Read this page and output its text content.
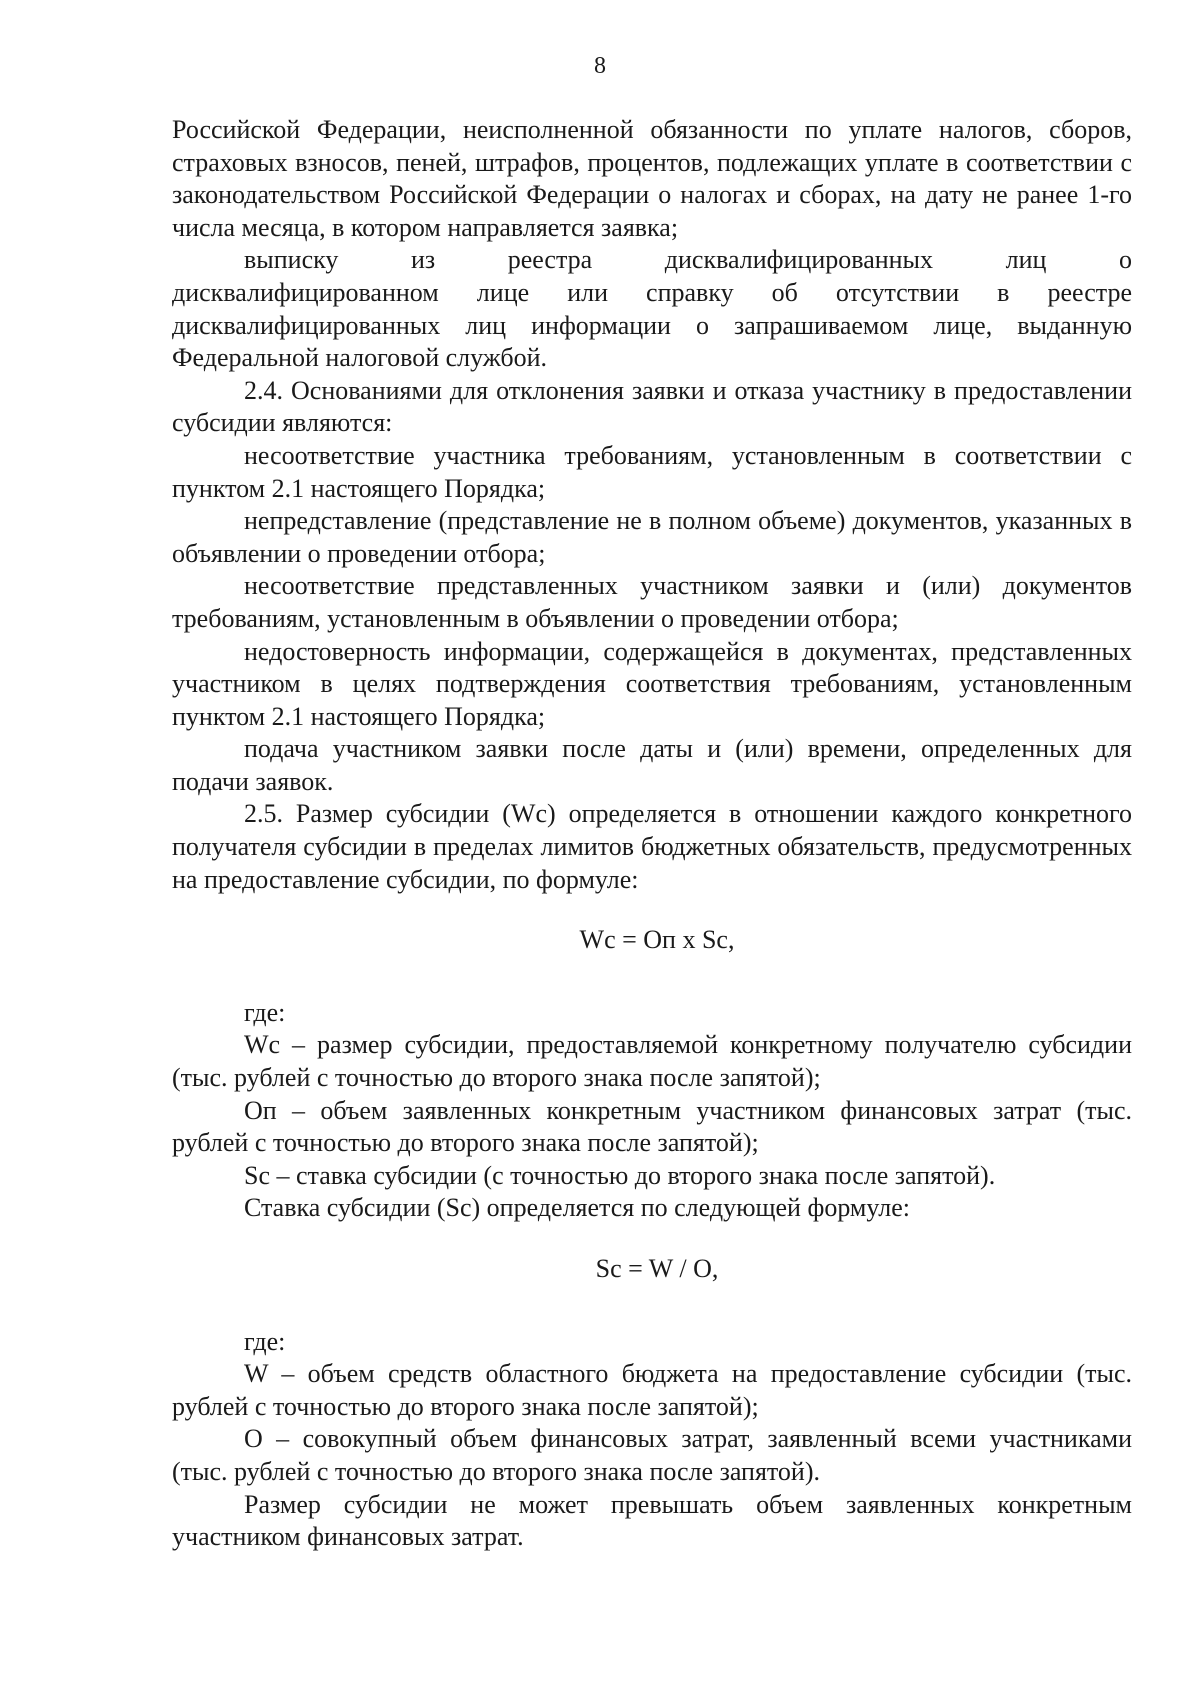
8

Российской Федерации, неисполненной обязанности по уплате налогов, сборов, страховых взносов, пеней, штрафов, процентов, подлежащих уплате в соответствии с законодательством Российской Федерации о налогах и сборах, на дату не ранее 1-го числа месяца, в котором направляется заявка;

выписку	из	реестра	дисквалифицированных	лиц	о

дисквалифицированном лице или справку об отсутствии в реестре дисквалифицированных лиц информации о запрашиваемом лице, выданную Федеральной налоговой службой.

2.4. Основаниями для отклонения заявки и отказа участнику в предоставлении субсидии являются:

несоответствие участника требованиям, установленным в соответствии с пунктом 2.1 настоящего Порядка;

непредставление (представление не в полном объеме) документов, указанных в объявлении о проведении отбора;

несоответствие представленных участником заявки и (или) документов требованиям, установленным в объявлении о проведении отбора;

недостоверность информации, содержащейся в документах, представленных участником в целях подтверждения соответствия требованиям, установленным пунктом 2.1 настоящего Порядка;

подача участником заявки после даты и (или) времени, определенных для подачи заявок.

2.5. Размер субсидии (Wc) определяется в отношении каждого конкретного получателя субсидии в пределах лимитов бюджетных обязательств, предусмотренных на предоставление субсидии, по формуле:

Wc = Оп x Sc,

где:

Wc – размер субсидии, предоставляемой конкретному получателю субсидии (тыс. рублей с точностью до второго знака после запятой);

Оп – объем заявленных конкретным участником финансовых затрат (тыс. рублей с точностью до второго знака после запятой);

Sc – ставка субсидии (с точностью до второго знака после запятой).

Ставка субсидии (Sc) определяется по следующей формуле:

Sc = W / O,

где:

W – объем средств областного бюджета на предоставление субсидии (тыс. рублей с точностью до второго знака после запятой);

О – совокупный объем финансовых затрат, заявленный всеми участниками (тыс. рублей с точностью до второго знака после запятой).

Размер субсидии не может превышать объем заявленных конкретным участником финансовых затрат.
